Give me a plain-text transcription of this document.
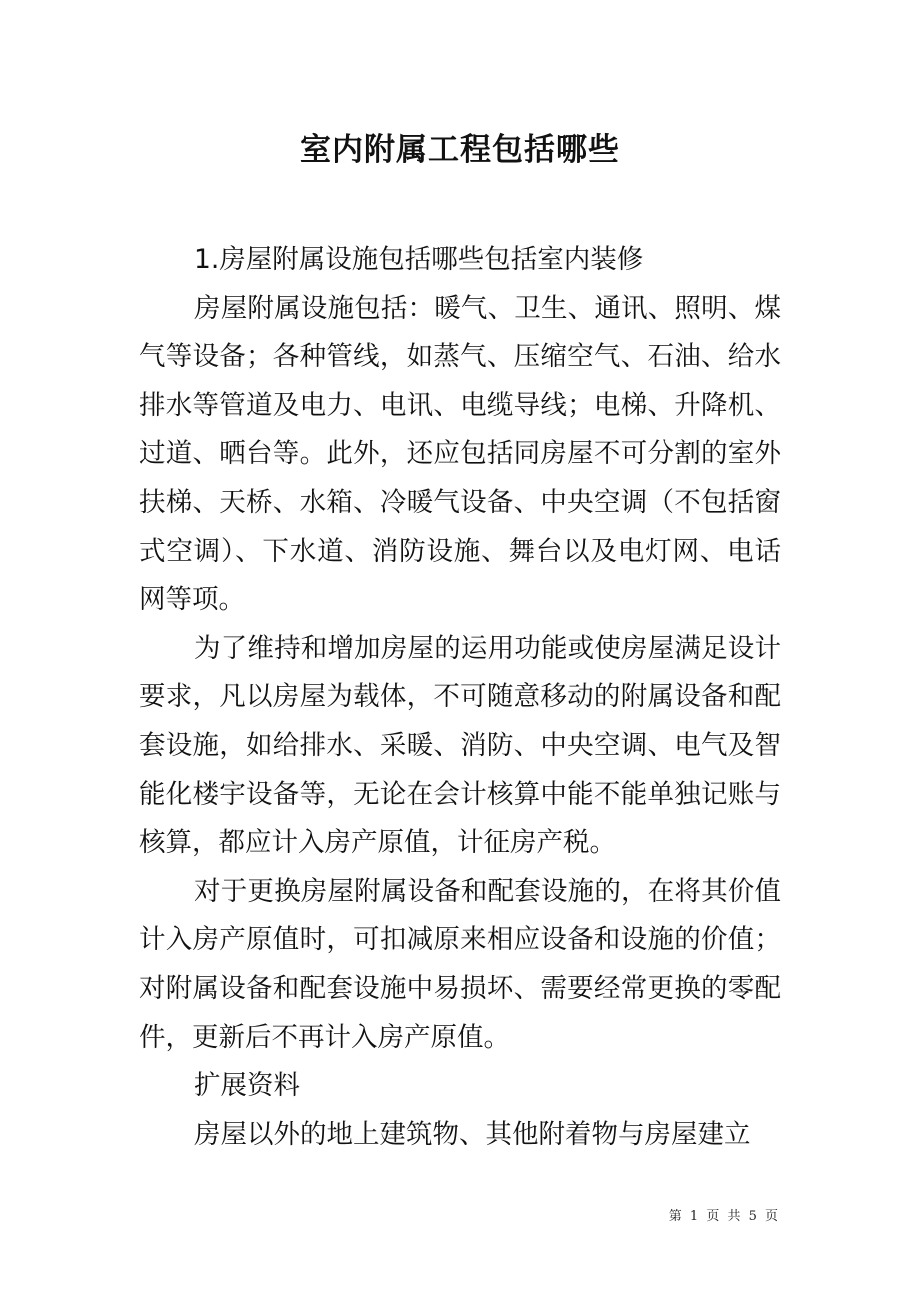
室内附属工程包括哪些

1.房屋附属设施包括哪些包括室内装修

房屋附属设施包括：暖气、卫生、通讯、照明、煤气等设备；各种管线，如蒸气、压缩空气、石油、给水排水等管道及电力、电讯、电缆导线；电梯、升降机、过道、晒台等。此外，还应包括同房屋不可分割的室外扶梯、天桥、水箱、冷暖气设备、中央空调（不包括窗式空调）、下水道、消防设施、舞台以及电灯网、电话网等项。

为了维持和增加房屋的运用功能或使房屋满足设计要求，凡以房屋为载体，不可随意移动的附属设备和配套设施，如给排水、采暖、消防、中央空调、电气及智能化楼宇设备等，无论在会计核算中能不能单独记账与核算，都应计入房产原值，计征房产税。

对于更换房屋附属设备和配套设施的，在将其价值计入房产原值时，可扣减原来相应设备和设施的价值；对附属设备和配套设施中易损坏、需要经常更换的零配件，更新后不再计入房产原值。

扩展资料

房屋以外的地上建筑物、其他附着物与房屋建立

第 1 页 共 5 页
